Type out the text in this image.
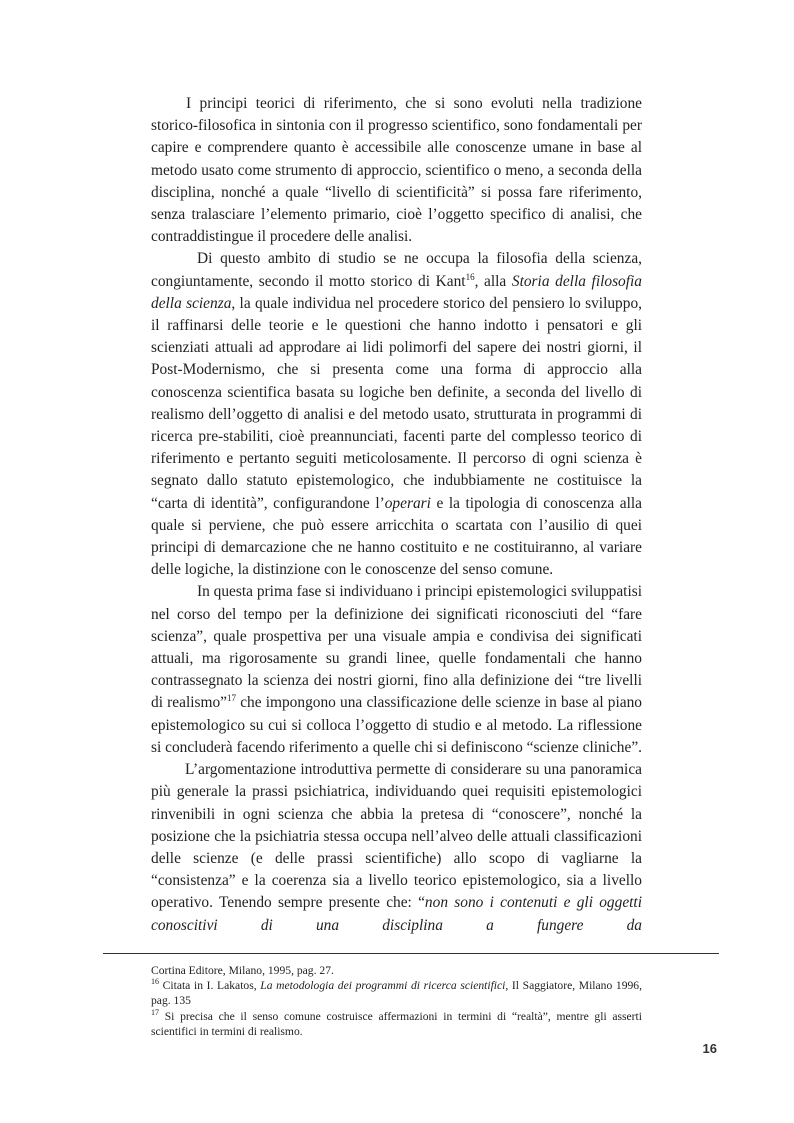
I principi teorici di riferimento, che si sono evoluti nella tradizione storico-filosofica in sintonia con il progresso scientifico, sono fondamentali per capire e comprendere quanto è accessibile alle conoscenze umane in base al metodo usato come strumento di approccio, scientifico o meno, a seconda della disciplina, nonché a quale “livello di scientificità” si possa fare riferimento, senza tralasciare l’elemento primario, cioè l’oggetto specifico di analisi, che contraddistingue il procedere delle analisi.

Di questo ambito di studio se ne occupa la filosofia della scienza, congiuntamente, secondo il motto storico di Kant$^{16}$, alla Storia della filosofia della scienza, la quale individua nel procedere storico del pensiero lo sviluppo, il raffinarsi delle teorie e le questioni che hanno indotto i pensatori e gli scienziati attuali ad approdare ai lidi polimorfi del sapere dei nostri giorni, il Post-Modernismo, che si presenta come una forma di approccio alla conoscenza scientifica basata su logiche ben definite, a seconda del livello di realismo dell’oggetto di analisi e del metodo usato, strutturata in programmi di ricerca pre-stabiliti, cioè preannunciati, facenti parte del complesso teorico di riferimento e pertanto seguiti meticolosamente. Il percorso di ogni scienza è segnato dallo statuto epistemologico, che indubbiamente ne costituisce la “carta di identità”, configurandone l’operari e la tipologia di conoscenza alla quale si perviene, che può essere arricchita o scartata con l’ausilio di quei principi di demarcazione che ne hanno costituito e ne costituiranno, al variare delle logiche, la distinzione con le conoscenze del senso comune.

In questa prima fase si individuano i principi epistemologici sviluppatisi nel corso del tempo per la definizione dei significati riconosciuti del “fare scienza”, quale prospettiva per una visuale ampia e condivisa dei significati attuali, ma rigorosamente su grandi linee, quelle fondamentali che hanno contrassegnato la scienza dei nostri giorni, fino alla definizione dei “tre livelli di realismo”$^{17}$ che impongono una classificazione delle scienze in base al piano epistemologico su cui si colloca l’oggetto di studio e al metodo. La riflessione si concluderà facendo riferimento a quelle chi si definiscono “scienze cliniche”.

L’argomentazione introduttiva permette di considerare su una panoramica più generale la prassi psichiatrica, individuando quei requisiti epistemologici rinvenibili in ogni scienza che abbia la pretesa di “conoscere”, nonché la posizione che la psichiatria stessa occupa nell’alveo delle attuali classificazioni delle scienze (e delle prassi scientifiche) allo scopo di vagliarne la “consistenza” e la coerenza sia a livello teorico epistemologico, sia a livello operativo. Tenendo sempre presente che: “non sono i contenuti e gli oggetti conoscitivi di una disciplina a fungere da

Cortina Editore, Milano, 1995, pag. 27.

$^{16}$ Citata in I. Lakatos, La metodologia dei programmi di ricerca scientifici, Il Saggiatore, Milano 1996, pag. 135

$^{17}$ Si precisa che il senso comune costruisce affermazioni in termini di “realtà”, mentre gli asserti scientifici in termini di realismo.

16
